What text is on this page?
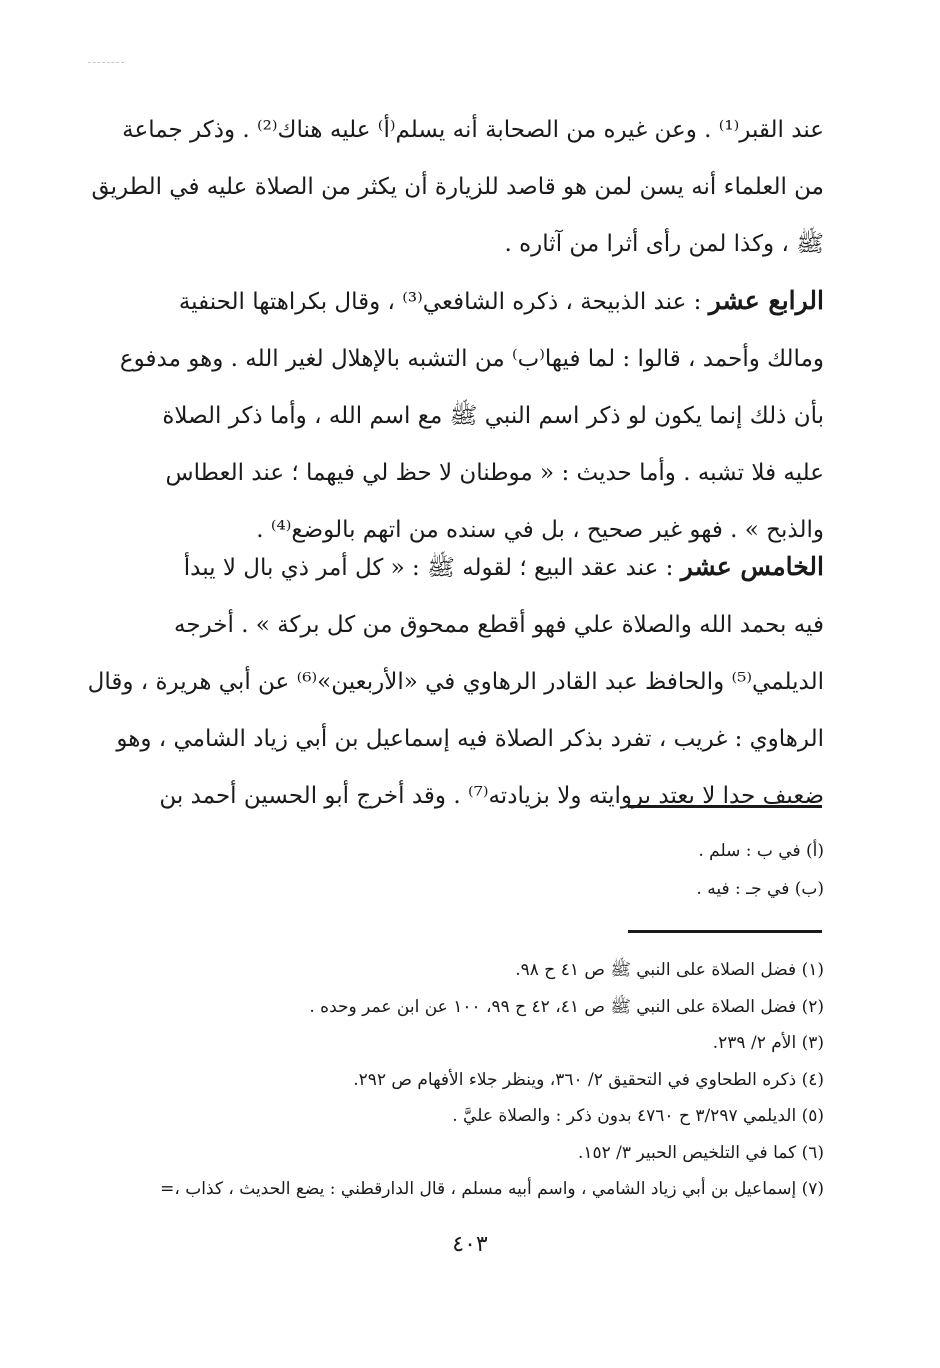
عند القبر⁽¹⁾ . وعن غيره من الصحابة أنه يسلم⁽أ⁾ عليه هناك⁽²⁾ . وذكر جماعة
من العلماء أنه يسن لمن هو قاصد للزيارة أن يكثر من الصلاة عليه في الطريق
ﷺ ، وكذا لمن رأى أثرا من آثاره .
الرابع عشر : عند الذبيحة ، ذكره الشافعي⁽³⁾ ، وقال بكراهتها الحنفية
ومالك وأحمد ، قالوا : لما فيها⁽ب⁾ من التشبه بالإهلال لغير الله . وهو مدفوع
بأن ذلك إنما يكون لو ذكر اسم النبي ﷺ مع اسم الله ، وأما ذكر الصلاة
عليه فلا تشبه . وأما حديث : « موطنان لا حظ لي فيهما ؛ عند العطاس
والذبح » . فهو غير صحيح ، بل في سنده من اتهم بالوضع⁽⁴⁾ .
الخامس عشر : عند عقد البيع ؛ لقوله ﷺ : « كل أمر ذي بال لا يبدأ
فيه بحمد الله والصلاة علي فهو أقطع ممحوق من كل بركة » . أخرجه
الديلمي⁽⁵⁾ والحافظ عبد القادر الرهاوي في «الأربعين»⁽⁶⁾ عن أبي هريرة ، وقال
الرهاوي : غريب ، تفرد بذكر الصلاة فيه إسماعيل بن أبي زياد الشامي ، وهو
ضعيف جدا لا يعتد بروايته ولا بزيادته⁽⁷⁾ . وقد أخرج أبو الحسين أحمد بن
(أ) في ب : سلم .
(ب) في جـ : فيه .
(١) فضل الصلاة على النبي ﷺ ص ٤١ ح ٩٨.
(٢) فضل الصلاة على النبي ﷺ ص ٤١، ٤٢ ح ٩٩، ١٠٠ عن ابن عمر وحده .
(٣) الأم ٢/ ٢٣٩.
(٤) ذكره الطحاوي في التحقيق ٢/ ٣٦٠، وينظر جلاء الأفهام ص ٢٩٢.
(٥) الديلمي ٣/٢٩٧ ح ٤٧٦٠ بدون ذكر : والصلاة عليَّ .
(٦) كما في التلخيص الحبير ٣/ ١٥٢.
(٧) إسماعيل بن أبي زياد الشامي ، واسم أبيه مسلم ، قال الدارقطني : يضع الحديث ، كذاب ،=
٤٠٣
